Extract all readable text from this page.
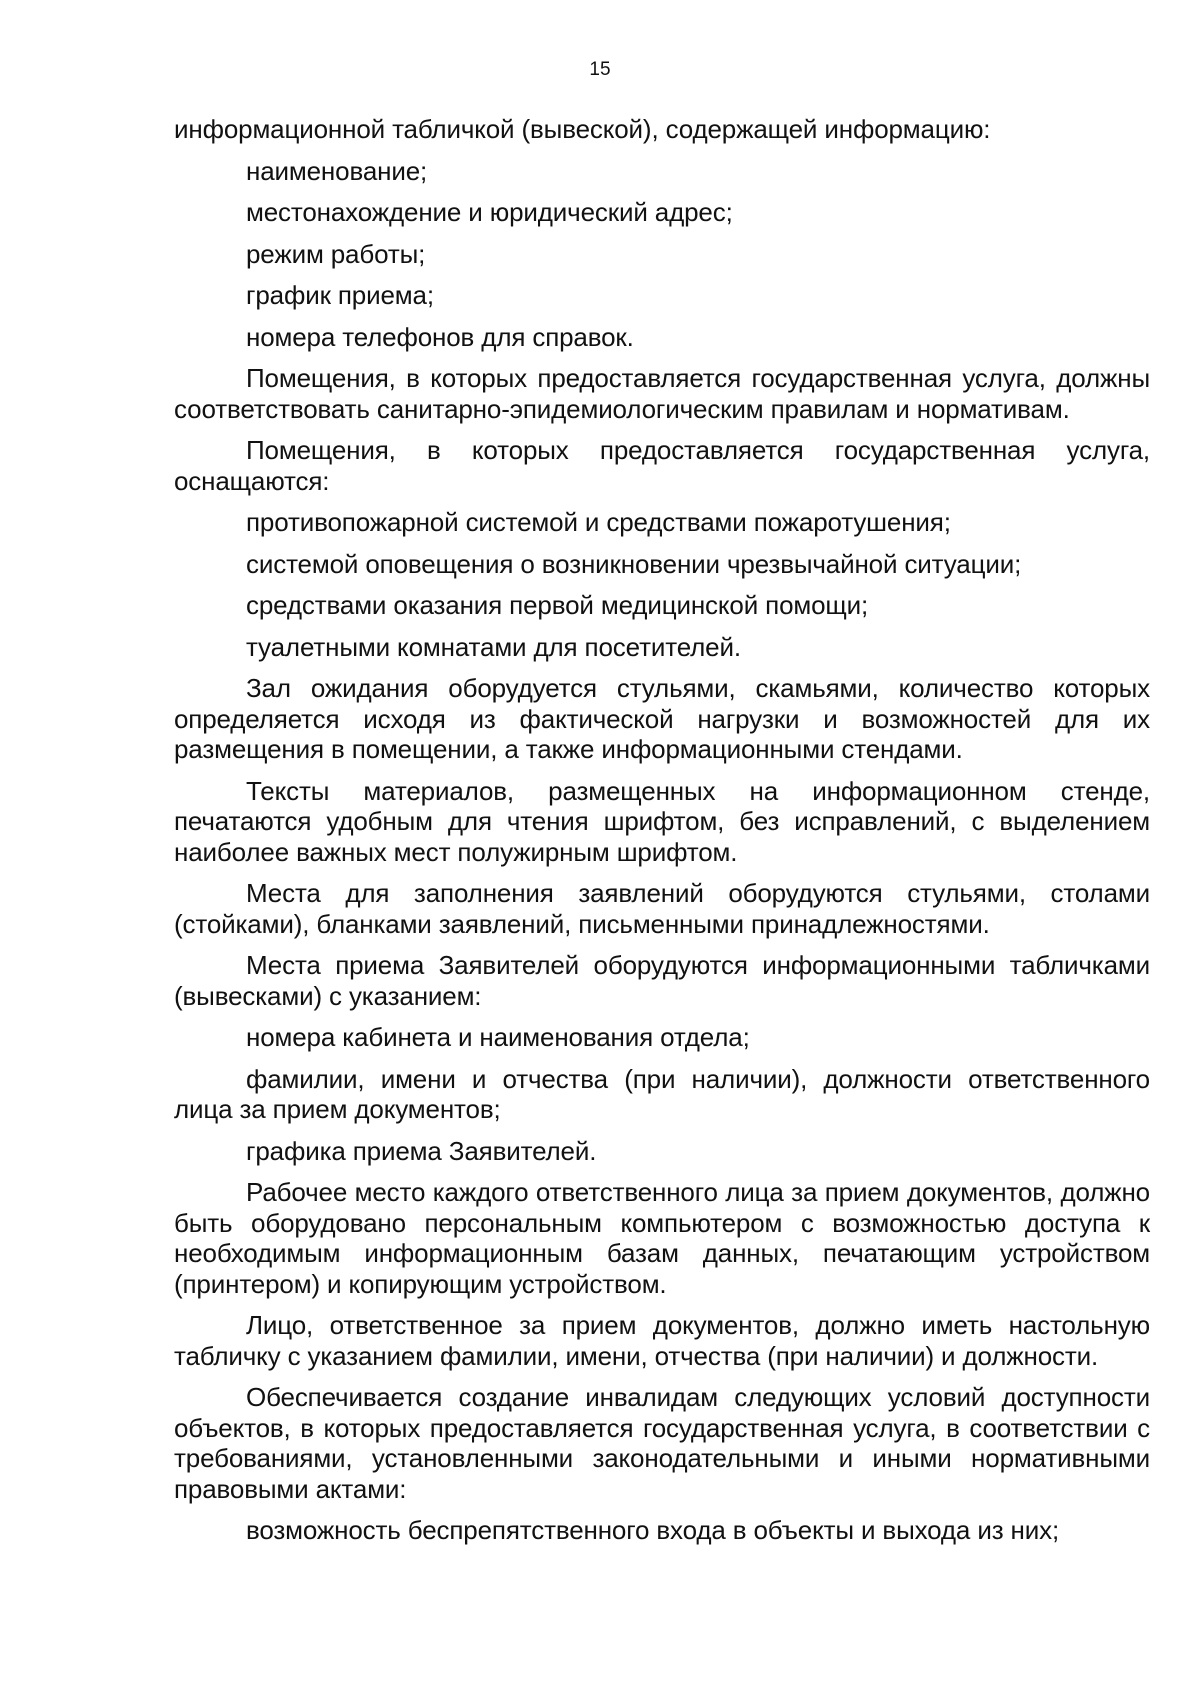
15

информационной табличкой (вывеской), содержащей информацию:

наименование;

местонахождение и юридический адрес;

режим работы;

график приема;

номера телефонов для справок.

Помещения, в которых предоставляется государственная услуга, должны соответствовать санитарно-эпидемиологическим правилам и нормативам.

Помещения, в которых предоставляется государственная услуга, оснащаются:

противопожарной системой и средствами пожаротушения;

системой оповещения о возникновении чрезвычайной ситуации;

средствами оказания первой медицинской помощи;

туалетными комнатами для посетителей.

Зал ожидания оборудуется стульями, скамьями, количество которых определяется исходя из фактической нагрузки и возможностей для их размещения в помещении, а также информационными стендами.

Тексты материалов, размещенных на информационном стенде, печатаются удобным для чтения шрифтом, без исправлений, с выделением наиболее важных мест полужирным шрифтом.

Места для заполнения заявлений оборудуются стульями, столами (стойками), бланками заявлений, письменными принадлежностями.

Места приема Заявителей оборудуются информационными табличками (вывесками) с указанием:

номера кабинета и наименования отдела;

фамилии, имени и отчества (при наличии), должности ответственного лица за прием документов;

графика приема Заявителей.

Рабочее место каждого ответственного лица за прием документов, должно быть оборудовано персональным компьютером с возможностью доступа к необходимым информационным базам данных, печатающим устройством (принтером) и копирующим устройством.

Лицо, ответственное за прием документов, должно иметь настольную табличку с указанием фамилии, имени, отчества (при наличии) и должности.

Обеспечивается создание инвалидам следующих условий доступности объектов, в которых предоставляется государственная услуга, в соответствии с требованиями, установленными законодательными и иными нормативными правовыми актами:

возможность беспрепятственного входа в объекты и выхода из них;
